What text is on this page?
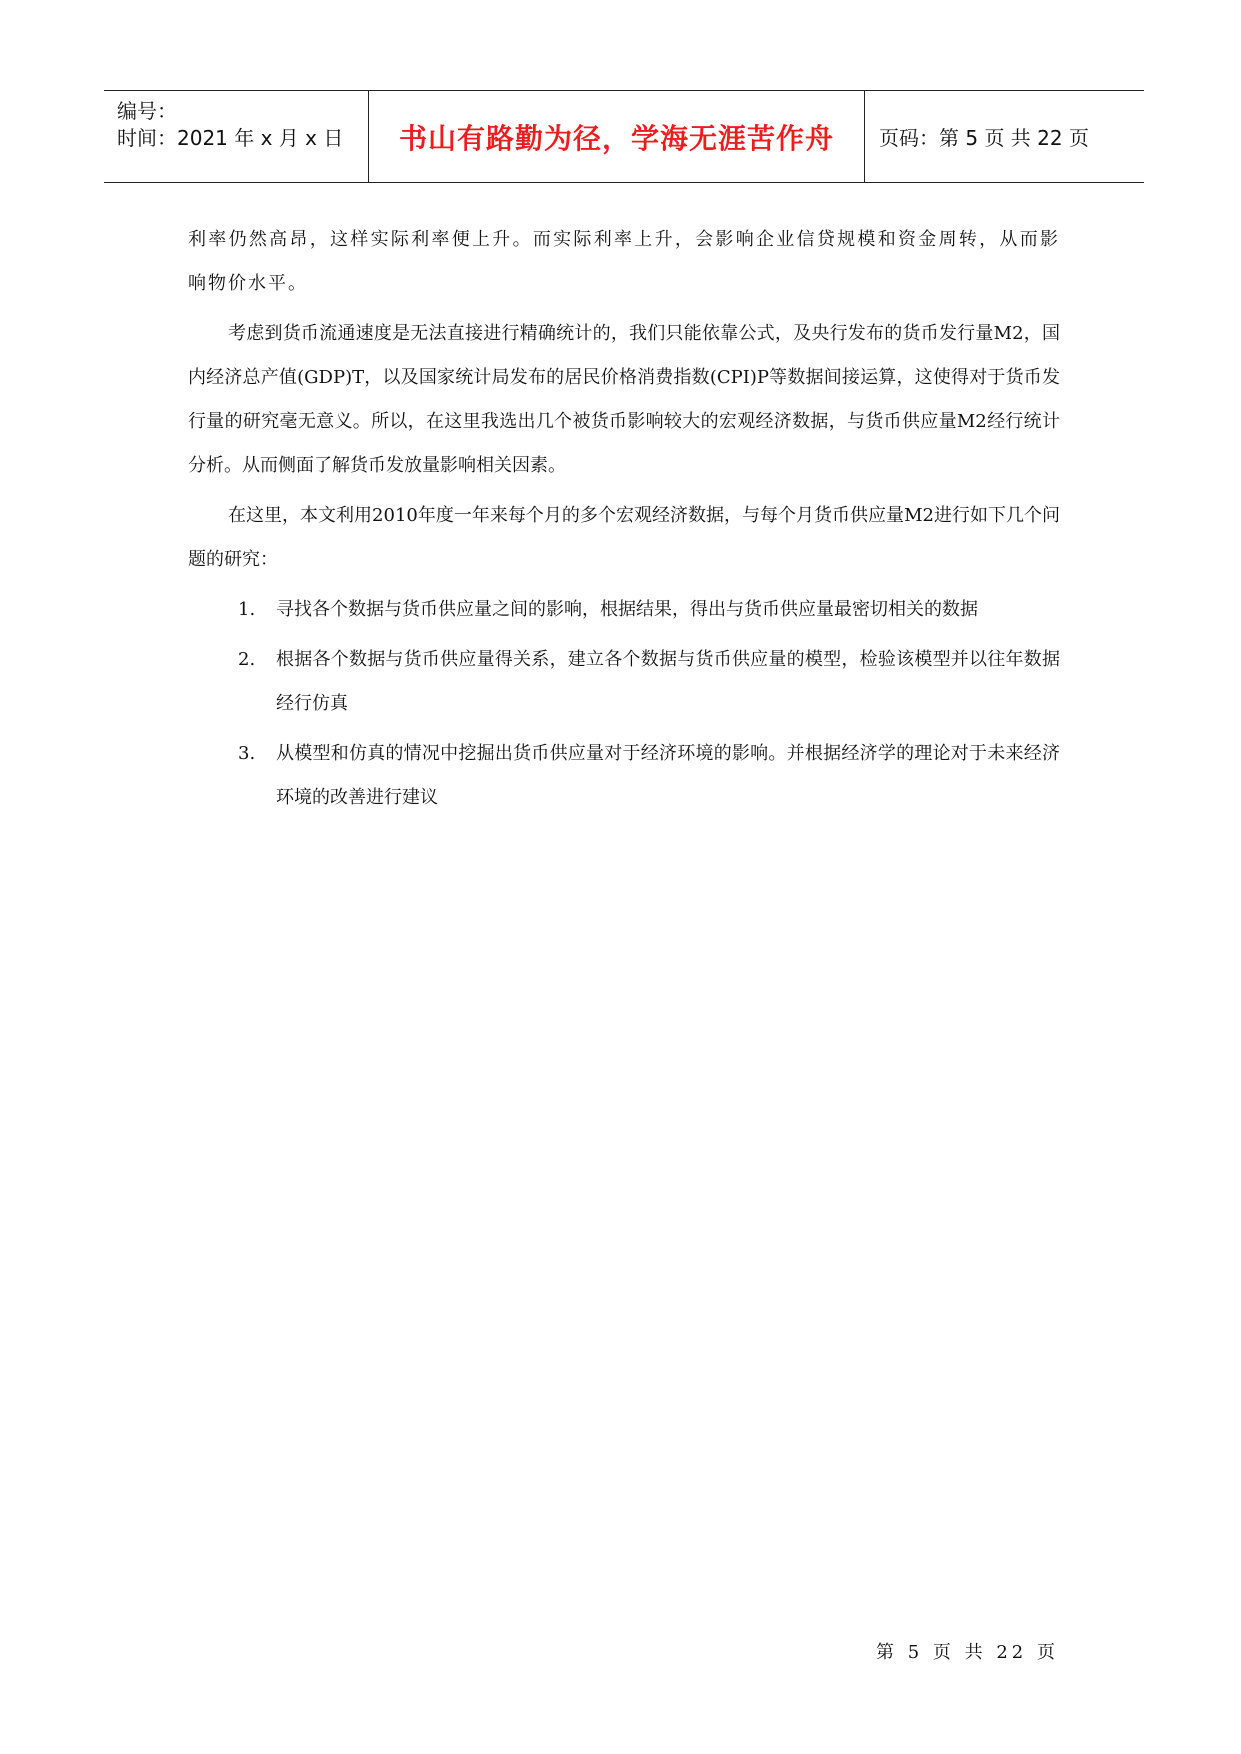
编号：
时间：2021 年 x 月 x 日 书山有路勤为径，学海无涯苦作舟 页码：第 5 页 共 22 页

利率仍然高昂，这样实际利率便上升。而实际利率上升，会影响企业信贷规模和资金周转，从而影响物价水平。

考虑到货币流通速度是无法直接进行精确统计的，我们只能依靠公式，及央行发布的货币发行量M2，国内经济总产值(GDP)T，以及国家统计局发布的居民价格消费指数(CPI)P等数据间接运算，这使得对于货币发行量的研究毫无意义。所以，在这里我选出几个被货币影响较大的宏观经济数据，与货币供应量M2经行统计分析。从而侧面了解货币发放量影响相关因素。

在这里，本文利用2010年度一年来每个月的多个宏观经济数据，与每个月货币供应量M2进行如下几个问题的研究：

1. 寻找各个数据与货币供应量之间的影响，根据结果，得出与货币供应量最密切相关的数据
2. 根据各个数据与货币供应量得关系，建立各个数据与货币供应量的模型，检验该模型并以往年数据经行仿真
3. 从模型和仿真的情况中挖掘出货币供应量对于经济环境的影响。并根据经济学的理论对于未来经济环境的改善进行建议
第 5 页 共 22 页
